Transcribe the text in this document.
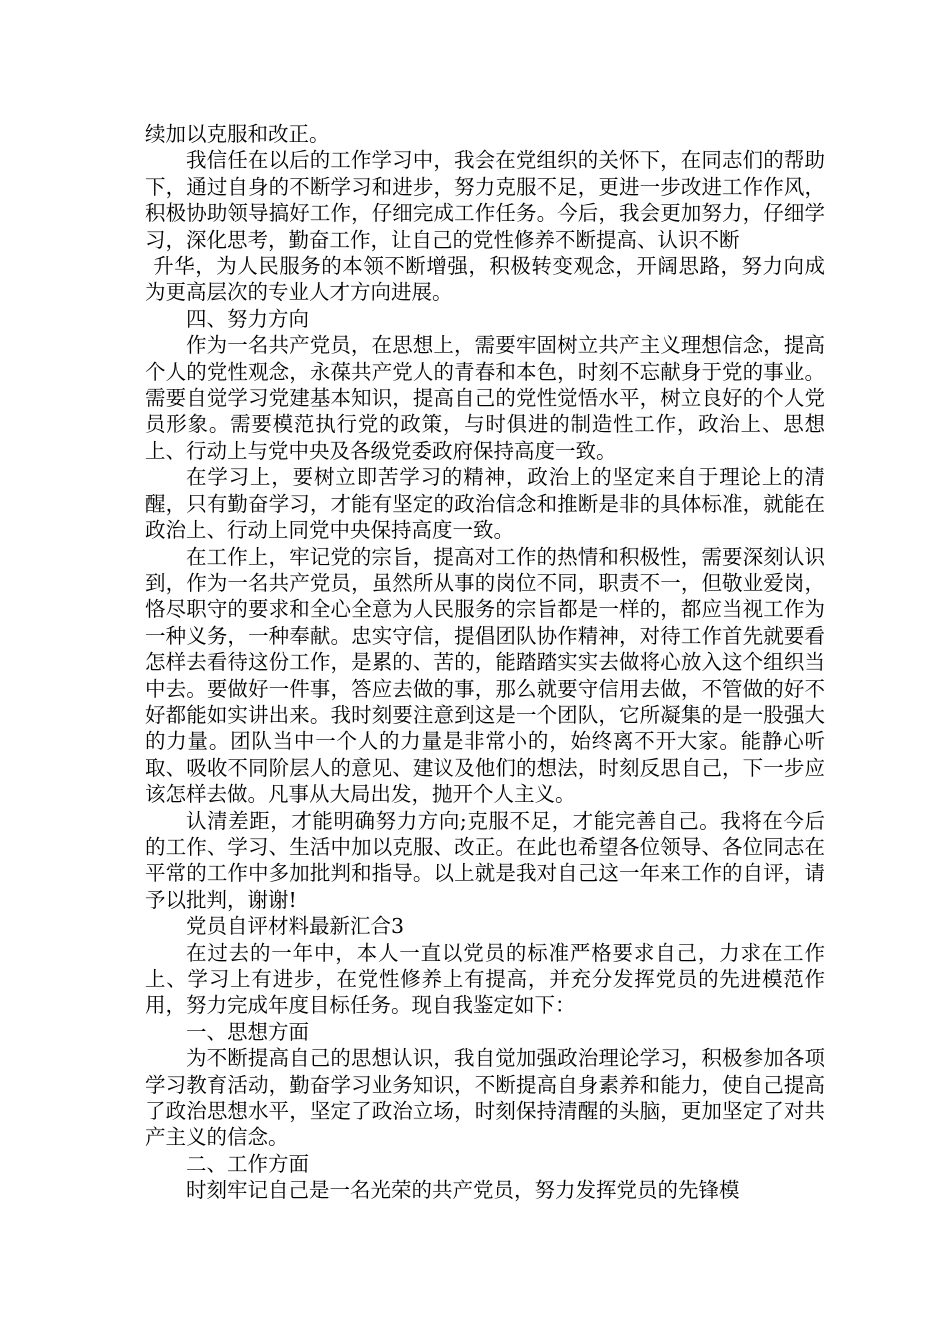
续加以克服和改正。

我信任在以后的工作学习中，我会在党组织的关怀下，在同志们的帮助下，通过自身的不断学习和进步，努力克服不足，更进一步改进工作作风，积极协助领导搞好工作，仔细完成工作任务。今后，我会更加努力，仔细学习，深化思考，勤奋工作，让自己的党性修养不断提高、认识不断

升华，为人民服务的本领不断增强，积极转变观念，开阔思路，努力向成为更高层次的专业人才方向进展。

四、努力方向

作为一名共产党员，在思想上，需要牢固树立共产主义理想信念，提高个人的党性观念，永葆共产党人的青春和本色，时刻不忘献身于党的事业。需要自觉学习党建基本知识，提高自己的党性觉悟水平，树立良好的个人党员形象。需要模范执行党的政策，与时俱进的制造性工作，政治上、思想上、行动上与党中央及各级党委政府保持高度一致。

在学习上，要树立即苦学习的精神，政治上的坚定来自于理论上的清醒，只有勤奋学习，才能有坚定的政治信念和推断是非的具体标准，就能在政治上、行动上同党中央保持高度一致。

在工作上，牢记党的宗旨，提高对工作的热情和积极性，需要深刻认识到，作为一名共产党员，虽然所从事的岗位不同，职责不一，但敬业爱岗，恪尽职守的要求和全心全意为人民服务的宗旨都是一样的，都应当视工作为一种义务，一种奉献。忠实守信，提倡团队协作精神，对待工作首先就要看怎样去看待这份工作，是累的、苦的，能踏踏实实去做将心放入这个组织当中去。要做好一件事，答应去做的事，那么就要守信用去做，不管做的好不好都能如实讲出来。我时刻要注意到这是一个团队，它所凝集的是一股强大的力量。团队当中一个人的力量是非常小的，始终离不开大家。能静心听取、吸收不同阶层人的意见、建议及他们的想法，时刻反思自己，下一步应该怎样去做。凡事从大局出发，抛开个人主义。

认清差距，才能明确努力方向;克服不足，才能完善自己。我将在今后的工作、学习、生活中加以克服、改正。在此也希望各位领导、各位同志在平常的工作中多加批判和指导。以上就是我对自己这一年来工作的自评，请予以批判，谢谢!

党员自评材料最新汇合3

在过去的一年中，本人一直以党员的标准严格要求自己，力求在工作上、学习上有进步，在党性修养上有提高，并充分发挥党员的先进模范作用，努力完成年度目标任务。现自我鉴定如下：

一、思想方面

为不断提高自己的思想认识，我自觉加强政治理论学习，积极参加各项学习教育活动，勤奋学习业务知识，不断提高自身素养和能力，使自己提高了政治思想水平，坚定了政治立场，时刻保持清醒的头脑，更加坚定了对共产主义的信念。

二、工作方面

时刻牢记自己是一名光荣的共产党员，努力发挥党员的先锋模
